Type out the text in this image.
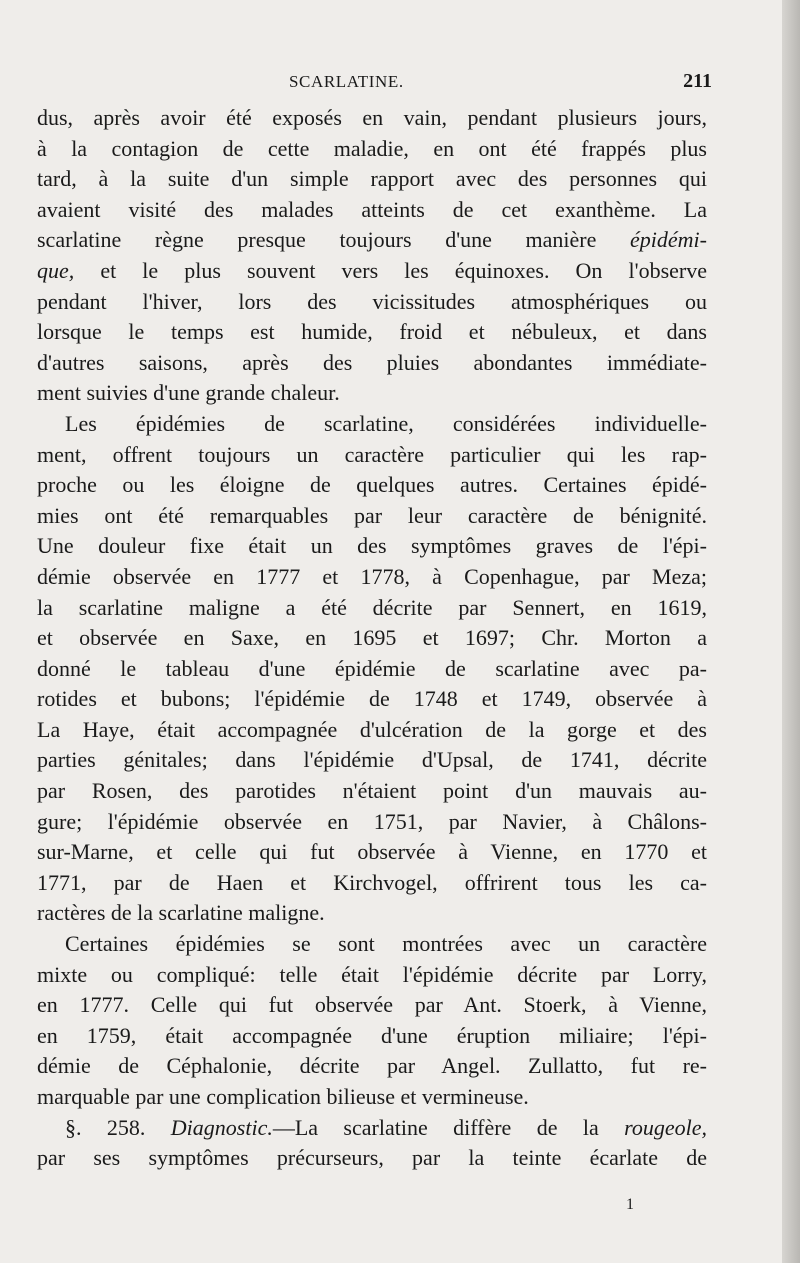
SCARLATINE.	211
dus, après avoir été exposés en vain, pendant plusieurs jours,
à la contagion de cette maladie, en ont été frappés plus
tard, à la suite d'un simple rapport avec des personnes qui
avaient visité des malades atteints de cet exanthème. La
scarlatine règne presque toujours d'une manière épidémi-
que, et le plus souvent vers les équinoxes. On l'observe
pendant l'hiver, lors des vicissitudes atmosphériques ou
lorsque le temps est humide, froid et nébuleux, et dans
d'autres saisons, après des pluies abondantes immédiate-
ment suivies d'une grande chaleur.
Les épidémies de scarlatine, considérées individuelle-
ment, offrent toujours un caractère particulier qui les rap-
proche ou les éloigne de quelques autres. Certaines épidé-
mies ont été remarquables par leur caractère de bénignité.
Une douleur fixe était un des symptômes graves de l'épi-
démie observée en 1777 et 1778, à Copenhague, par Meza;
la scarlatine maligne a été décrite par Sennert, en 1619,
et observée en Saxe, en 1695 et 1697; Chr. Morton a
donné le tableau d'une épidémie de scarlatine avec pa-
rotides et bubons; l'épidémie de 1748 et 1749, observée à
La Haye, était accompagnée d'ulcération de la gorge et des
parties génitales; dans l'épidémie d'Upsal, de 1741, décrite
par Rosen, des parotides n'étaient point d'un mauvais au-
gure; l'épidémie observée en 1751, par Navier, à Châlons-
sur-Marne, et celle qui fut observée à Vienne, en 1770 et
1771, par de Haen et Kirchvogel, offrirent tous les ca-
ractères de la scarlatine maligne.
Certaines épidémies se sont montrées avec un caractère
mixte ou compliqué: telle était l'épidémie décrite par Lorry,
en 1777. Celle qui fut observée par Ant. Stoerk, à Vienne,
en 1759, était accompagnée d'une éruption miliaire; l'épi-
démie de Céphalonie, décrite par Angel. Zullatto, fut re-
marquable par une complication bilieuse et vermineuse.
§. 258. Diagnostic.—La scarlatine diffère de la rougeole,
par ses symptômes précurseurs, par la teinte écarlate de
1
